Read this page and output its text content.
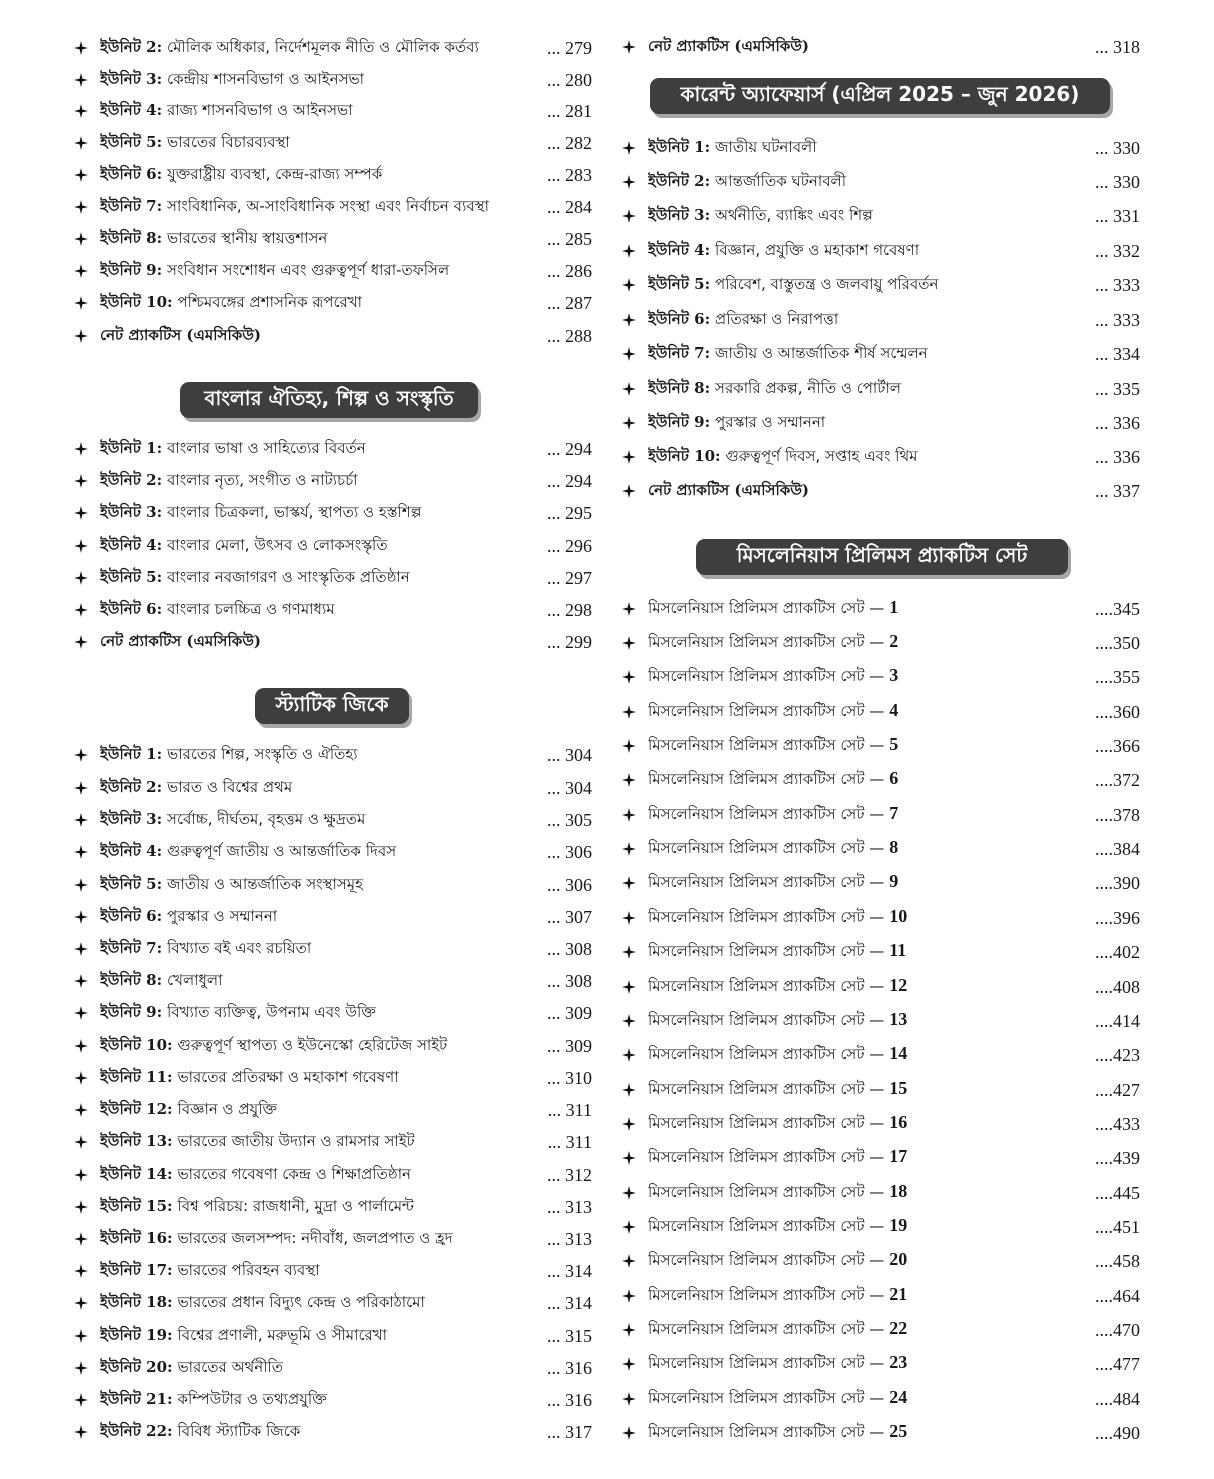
ইউনিট 2: মৌলিক অধিকার, নির্দেশমূলক নীতি ও মৌলিক কর্তব্য	... 279
ইউনিট 3: কেন্দ্রীয় শাসনবিভাগ ও আইনসভা	... 280
ইউনিট 4: রাজ্য শাসনবিভাগ ও আইনসভা	... 281
ইউনিট 5: ভারতের বিচারব্যবস্থা	... 282
ইউনিট 6: যুক্তরাষ্ট্রীয় ব্যবস্থা, কেন্দ্র-রাজ্য সম্পর্ক	... 283
ইউনিট 7: সাংবিধানিক, অ-সাংবিধানিক সংস্থা এবং নির্বাচন ব্যবস্থা	... 284
ইউনিট 8: ভারতের স্থানীয় স্বায়ত্তশাসন	... 285
ইউনিট 9: সংবিধান সংশোধন এবং গুরুত্বপূর্ণ ধারা-তফসিল	... 286
ইউনিট 10: পশ্চিমবঙ্গের প্রশাসনিক রূপরেখা	... 287
নেট প্র্যাকটিস (এমসিকিউ)	... 288
বাংলার ঐতিহ্য, শিল্প ও সংস্কৃতি
ইউনিট 1: বাংলার ভাষা ও সাহিত্যের বিবর্তন	... 294
ইউনিট 2: বাংলার নৃত্য, সংগীত ও নাট্যচর্চা	... 294
ইউনিট 3: বাংলার চিত্রকলা, ভাস্কর্য, স্থাপত্য ও হস্তশিল্প	... 295
ইউনিট 4: বাংলার মেলা, উৎসব ও লোকসংস্কৃতি	... 296
ইউনিট 5: বাংলার নবজাগরণ ও সাংস্কৃতিক প্রতিষ্ঠান	... 297
ইউনিট 6: বাংলার চলচ্চিত্র ও গণমাধ্যম	... 298
নেট প্র্যাকটিস (এমসিকিউ)	... 299
স্ট্যাটিক জিকে
ইউনিট 1: ভারতের শিল্প, সংস্কৃতি ও ঐতিহ্য	... 304
ইউনিট 2: ভারত ও বিশ্বের প্রথম	... 304
ইউনিট 3: সর্বোচ্চ, দীর্ঘতম, বৃহত্তম ও ক্ষুদ্রতম	... 305
ইউনিট 4: গুরুত্বপূর্ণ জাতীয় ও আন্তর্জাতিক দিবস	... 306
ইউনিট 5: জাতীয় ও আন্তর্জাতিক সংস্থাসমূহ	... 306
ইউনিট 6: পুরস্কার ও সম্মাননা	... 307
ইউনিট 7: বিখ্যাত বই এবং রচয়িতা	... 308
ইউনিট 8: খেলাধুলা	... 308
ইউনিট 9: বিখ্যাত ব্যক্তিত্ব, উপনাম এবং উক্তি	... 309
ইউনিট 10: গুরুত্বপূর্ণ স্থাপত্য ও ইউনেস্কো হেরিটেজ সাইট	... 309
ইউনিট 11: ভারতের প্রতিরক্ষা ও মহাকাশ গবেষণা	... 310
ইউনিট 12: বিজ্ঞান ও প্রযুক্তি	... 311
ইউনিট 13: ভারতের জাতীয় উদ্যান ও রামসার সাইট	... 311
ইউনিট 14: ভারতের গবেষণা কেন্দ্র ও শিক্ষাপ্রতিষ্ঠান	... 312
ইউনিট 15: বিশ্ব পরিচয়: রাজধানী, মুদ্রা ও পার্লামেন্ট	... 313
ইউনিট 16: ভারতের জলসম্পদ: নদীবাঁধ, জলপ্রপাত ও হ্রদ	... 313
ইউনিট 17: ভারতের পরিবহন ব্যবস্থা	... 314
ইউনিট 18: ভারতের প্রধান বিদ্যুৎ কেন্দ্র ও পরিকাঠামো	... 314
ইউনিট 19: বিশ্বের প্রণালী, মরুভূমি ও সীমারেখা	... 315
ইউনিট 20: ভারতের অর্থনীতি	... 316
ইউনিট 21: কম্পিউটার ও তথ্যপ্রযুক্তি	... 316
ইউনিট 22: বিবিধ স্ট্যাটিক জিকে	... 317
নেট প্র্যাকটিস (এমসিকিউ)	... 318
কারেন্ট অ্যাফেয়ার্স (এপ্রিল 2025 – জুন 2026)
ইউনিট 1: জাতীয় ঘটনাবলী	... 330
ইউনিট 2: আন্তর্জাতিক ঘটনাবলী	... 330
ইউনিট 3: অর্থনীতি, ব্যাঙ্কিং এবং শিল্প	... 331
ইউনিট 4: বিজ্ঞান, প্রযুক্তি ও মহাকাশ গবেষণা	... 332
ইউনিট 5: পরিবেশ, বাস্তুতন্ত্র ও জলবায়ু পরিবর্তন	... 333
ইউনিট 6: প্রতিরক্ষা ও নিরাপত্তা	... 333
ইউনিট 7: জাতীয় ও আন্তর্জাতিক শীর্ষ সম্মেলন	... 334
ইউনিট 8: সরকারি প্রকল্প, নীতি ও পোর্টাল	... 335
ইউনিট 9: পুরস্কার ও সম্মাননা	... 336
ইউনিট 10: গুরুত্বপূর্ণ দিবস, সপ্তাহ এবং থিম	... 336
নেট প্র্যাকটিস (এমসিকিউ)	... 337
মিসলেনিয়াস প্রিলিমস প্র্যাকটিস সেট
মিসলেনিয়াস প্রিলিমস প্র্যাকটিস সেট — 1	....345
মিসলেনিয়াস প্রিলিমস প্র্যাকটিস সেট — 2	....350
মিসলেনিয়াস প্রিলিমস প্র্যাকটিস সেট — 3	....355
মিসলেনিয়াস প্রিলিমস প্র্যাকটিস সেট — 4	....360
মিসলেনিয়াস প্রিলিমস প্র্যাকটিস সেট — 5	....366
মিসলেনিয়াস প্রিলিমস প্র্যাকটিস সেট — 6	....372
মিসলেনিয়াস প্রিলিমস প্র্যাকটিস সেট — 7	....378
মিসলেনিয়াস প্রিলিমস প্র্যাকটিস সেট — 8	....384
মিসলেনিয়াস প্রিলিমস প্র্যাকটিস সেট — 9	....390
মিসলেনিয়াস প্রিলিমস প্র্যাকটিস সেট — 10	....396
মিসলেনিয়াস প্রিলিমস প্র্যাকটিস সেট — 11	....402
মিসলেনিয়াস প্রিলিমস প্র্যাকটিস সেট — 12	....408
মিসলেনিয়াস প্রিলিমস প্র্যাকটিস সেট — 13	....414
মিসলেনিয়াস প্রিলিমস প্র্যাকটিস সেট — 14	....423
মিসলেনিয়াস প্রিলিমস প্র্যাকটিস সেট — 15	....427
মিসলেনিয়াস প্রিলিমস প্র্যাকটিস সেট — 16	....433
মিসলেনিয়াস প্রিলিমস প্র্যাকটিস সেট — 17	....439
মিসলেনিয়াস প্রিলিমস প্র্যাকটিস সেট — 18	....445
মিসলেনিয়াস প্রিলিমস প্র্যাকটিস সেট — 19	....451
মিসলেনিয়াস প্রিলিমস প্র্যাকটিস সেট — 20	....458
মিসলেনিয়াস প্রিলিমস প্র্যাকটিস সেট — 21	....464
মিসলেনিয়াস প্রিলিমস প্র্যাকটিস সেট — 22	....470
মিসলেনিয়াস প্রিলিমস প্র্যাকটিস সেট — 23	....477
মিসলেনিয়াস প্রিলিমস প্র্যাকটিস সেট — 24	....484
মিসলেনিয়াস প্রিলিমস প্র্যাকটিস সেট — 25	....490
